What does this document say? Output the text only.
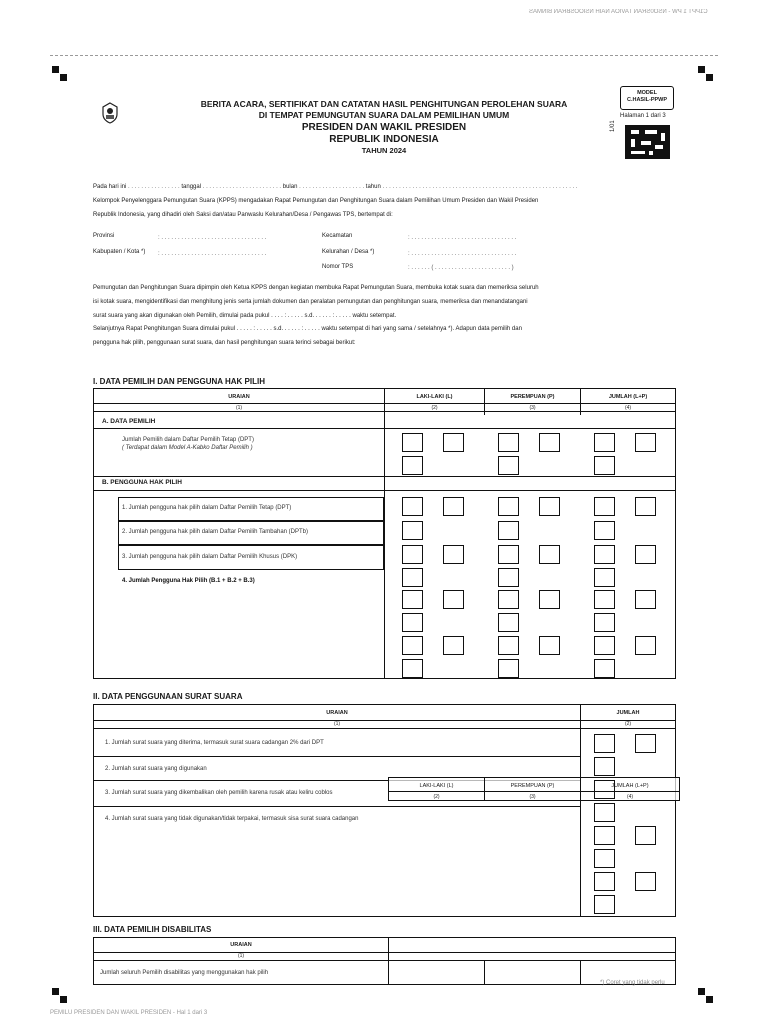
C1PPT 1 PW - NSO0SRAN TAVIOA NAIH NSIOOSBRAN BINMAS
BERITA ACARA, SERTIFIKAT DAN CATATAN HASIL PENGHITUNGAN PEROLEHAN SUARA
DI TEMPAT PEMUNGUTAN SUARA DALAM PEMILIHAN UMUM
PRESIDEN DAN WAKIL PRESIDEN
REPUBLIK INDONESIA
TAHUN 2024
MODEL
C.HASIL-PPWP
Halaman 1 dari 3
1/01
Pada hari ini . . . . . . . . . . . . . . . . tanggal . . . . . . . . . . . . . . . . . . . . . . . . bulan . . . . . . . . . . . . . . . . . . . . tahun . . . . . . . . . . . . . . . . . . . . . . . . . . . . . . . . . . . . . . . . . . . . . . . . . . . . . . . . . . .
Kelompok Penyelenggara Pemungutan Suara (KPPS) mengadakan Rapat Pemungutan dan Penghitungan Suara dalam Pemilihan Umum Presiden dan Wakil Presiden
Republik Indonesia, yang dihadiri oleh Saksi dan/atau Panwaslu Kelurahan/Desa / Pengawas TPS, bertempat di:
Provinsi	: . . . . . . . . . . . . . . . . . . . . . . . . . . . . . . . .
Kabupaten / Kota *) : . . . . . . . . . . . . . . . . . . . . . . . . . . . . . . . .
Kecamatan	: . . . . . . . . . . . . . . . . . . . . . . . . . . . . . . . .
Kelurahan / Desa *)	: . . . . . . . . . . . . . . . . . . . . . . . . . . . . . . . .
Nomor TPS	: . . . . . . ( . . . . . . . . . . . . . . . . . . . . . . . )
Pemungutan dan Penghitungan Suara dipimpin oleh Ketua KPPS dengan kegiatan membuka Rapat Pemungutan Suara, membuka kotak suara dan memeriksa seluruh
isi kotak suara, mengidentifikasi dan menghitung jenis serta jumlah dokumen dan peralatan pemungutan dan penghitungan suara, memeriksa dan menandatangani
surat suara yang akan digunakan oleh Pemilih, dimulai pada pukul . . . . : . . . . . s.d. . . . . . : . . . . . waktu setempat.
Selanjutnya Rapat Penghitungan Suara dimulai pukul . . . . . : . . . . . s.d. . . . . . : . . . . . waktu setempat di hari yang sama / setelahnya *). Adapun data pemilih dan
pengguna hak pilih, penggunaan surat suara, dan hasil penghitungan suara terinci sebagai berikut:
I. DATA PEMILIH DAN PENGGUNA HAK PILIH
URAIAN	LAKI-LAKI (L)	PEREMPUAN (P)	JUMLAH (L+P)
(1)	(2)	(3)	(4)
A. DATA PEMILIH
Jumlah Pemilih dalam Daftar Pemilih Tetap (DPT)
( Terdapat dalam Model A-Kabko Daftar Pemilih )
B. PENGGUNA HAK PILIH
1. Jumlah pengguna hak pilih dalam Daftar Pemilih Tetap (DPT)
2. Jumlah pengguna hak pilih dalam Daftar Pemilih Tambahan (DPTb)
3. Jumlah pengguna hak pilih dalam Daftar Pemilih Khusus (DPK)
4. Jumlah Pengguna Hak Pilih (B.1 + B.2 + B.3)
II. DATA PENGGUNAAN SURAT SUARA
URAIAN	JUMLAH
(1)	(2)
1. Jumlah surat suara yang diterima, termasuk surat suara cadangan 2% dari DPT
2. Jumlah surat suara yang digunakan
3. Jumlah surat suara yang dikembalikan oleh pemilih karena rusak atau keliru coblos
4. Jumlah surat suara yang tidak digunakan/tidak terpakai, termasuk sisa surat suara cadangan
LAKI-LAKI (L)	PEREMPUAN (P)	JUMLAH (L+P)
(2)	(3)	(4)
III. DATA PEMILIH DISABILITAS
URAIAN
(1)
Jumlah seluruh Pemilih disabilitas yang menggunakan hak pilih
*) Coret yang tidak perlu
PEMILU PRESIDEN DAN WAKIL PRESIDEN - Hal 1 dari 3
